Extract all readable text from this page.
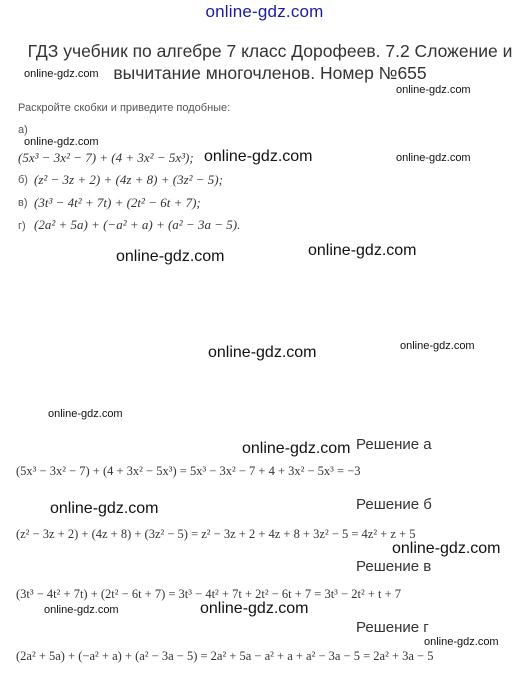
online-gdz.com
ГДЗ учебник по алгебре 7 класс Дорофеев. 7.2 Сложение и вычитание многочленов. Номер №655
Раскройте скобки и приведите подобные:
а)
(5x³ − 3x² − 7) + (4 + 3x² − 5x³);
б) (z² − 3z + 2) + (4z + 8) + (3z² − 5);
в) (3t³ − 4t² + 7t) + (2t² − 6t + 7);
г) (2a² + 5a) + (−a² + a) + (a² − 3a − 5).
online-gdz.com
online-gdz.com
online-gdz.com
online-gdz.com	online-gdz.com
online-gdz.com	online-gdz.com
online-gdz.com	online-gdz.com
online-gdz.com
online-gdz.com
online-gdz.com
online-gdz.com
online-gdz.com	online-gdz.com
online-gdz.com
Решение а
(5x³ − 3x² − 7) + (4 + 3x² − 5x³) = 5x³ − 3x² − 7 + 4 + 3x² − 5x³ = −3
Решение б
(z² − 3z + 2) + (4z + 8) + (3z² − 5) = z² − 3z + 2 + 4z + 8 + 3z² − 5 = 4z² + z + 5
Решение в
(3t³ − 4t² + 7t) + (2t² − 6t + 7) = 3t³ − 4t² + 7t + 2t² − 6t + 7 = 3t³ − 2t² + t + 7
Решение г
(2a² + 5a) + (−a² + a) + (a² − 3a − 5) = 2a² + 5a − a² + a + a² − 3a − 5 = 2a² + 3a − 5
